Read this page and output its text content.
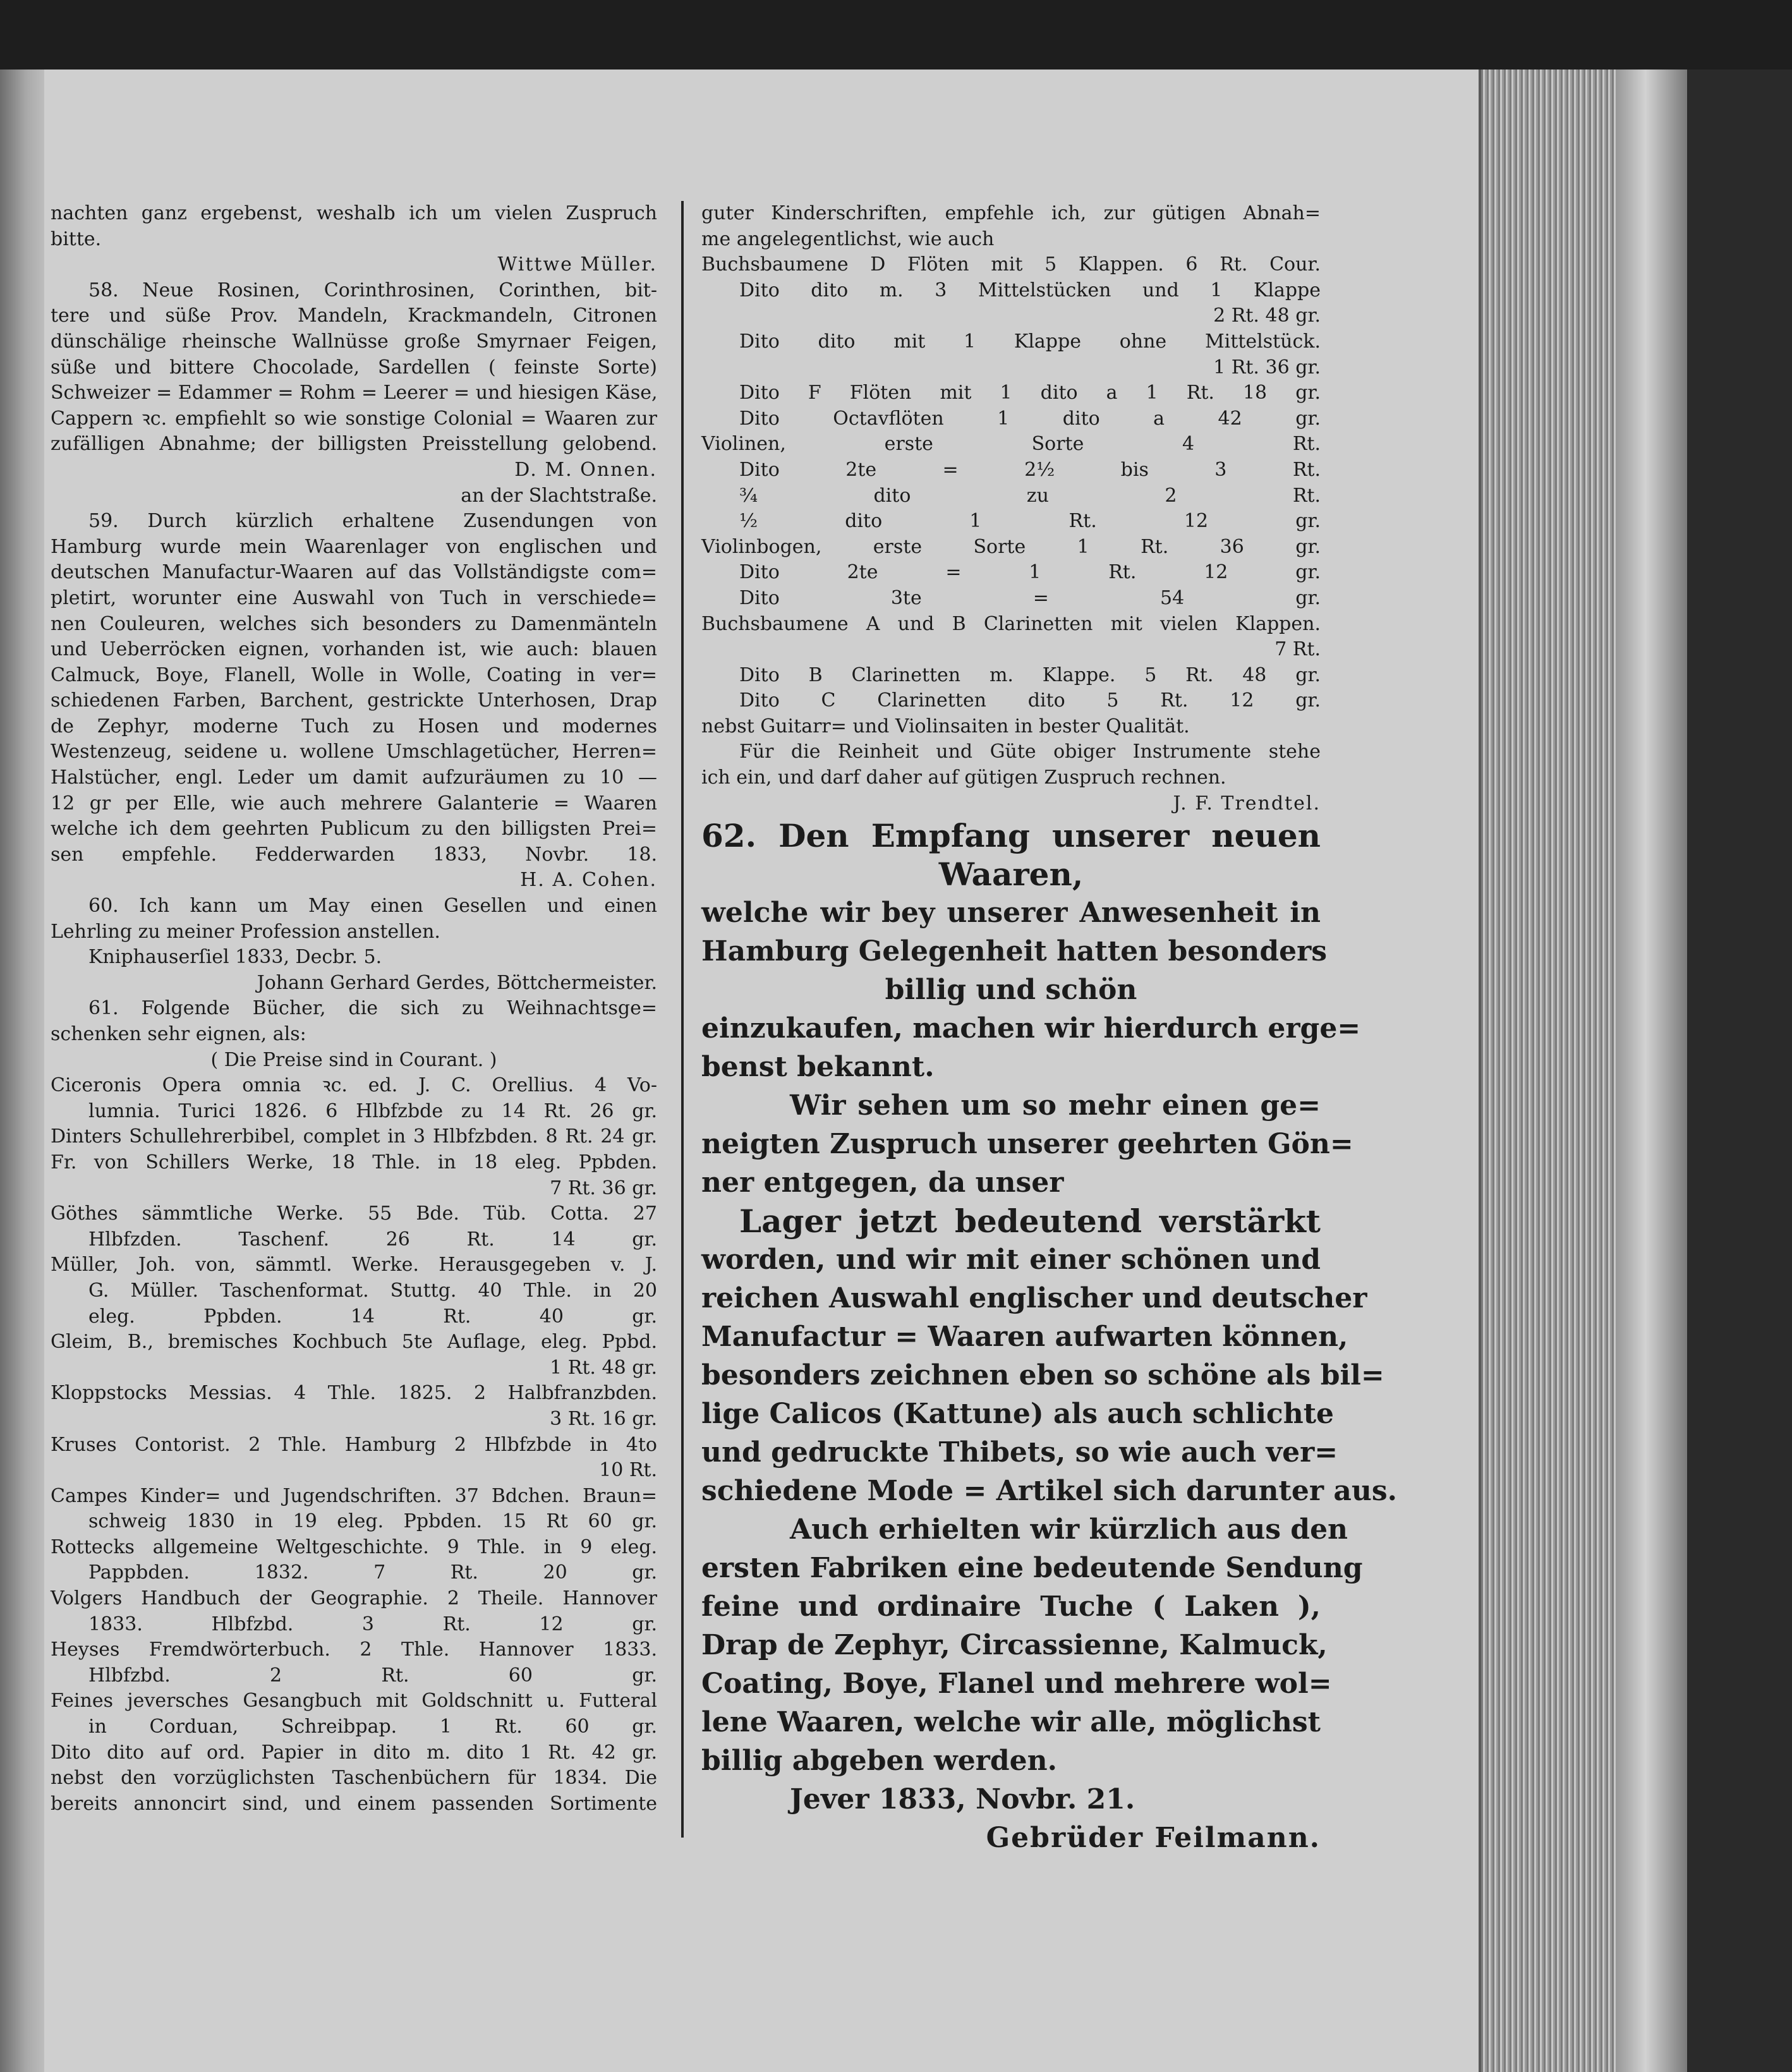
nachten ganz ergebenst, weshalb ich um vielen Zuspruch
bitte.
Wittwe Müller.
58. Neue Rosinen, Corinthrosinen, Corinthen, bit-
tere und süße Prov. Mandeln, Krackmandeln, Citronen
dünschälige rheinsche Wallnüsse große Smyrnaer Feigen,
süße und bittere Chocolade, Sardellen ( feinste Sorte)
Schweizer = Edammer = Rohm = Leerer = und hiesigen Käse,
Cappern ꝛc. empfiehlt so wie sonstige Colonial = Waaren zur
zufälligen Abnahme; der billigsten Preisstellung gelobend.
D. M. Onnen.
an der Slachtstraße.
59. Durch kürzlich erhaltene Zusendungen von
Hamburg wurde mein Waarenlager von englischen und
deutschen Manufactur-Waaren auf das Vollständigste com=
pletirt, worunter eine Auswahl von Tuch in verschiede=
nen Couleuren, welches sich besonders zu Damenmänteln
und Ueberröcken eignen, vorhanden ist, wie auch: blauen
Calmuck, Boye, Flanell, Wolle in Wolle, Coating in ver=
schiedenen Farben, Barchent, gestrickte Unterhosen, Drap
de Zephyr, moderne Tuch zu Hosen und modernes
Westenzeug, seidene u. wollene Umschlagetücher, Herren=
Halstücher, engl. Leder um damit aufzuräumen zu 10 —
12 gr per Elle, wie auch mehrere Galanterie = Waaren
welche ich dem geehrten Publicum zu den billigsten Prei=
sen empfehle. Fedderwarden 1833, Novbr. 18.
H. A. Cohen.
60. Ich kann um May einen Gesellen und einen
Lehrling zu meiner Profession anstellen.
Kniphauserſiel 1833, Decbr. 5.
Johann Gerhard Gerdes, Böttchermeister.
61. Folgende Bücher, die sich zu Weihnachtsge=
schenken sehr eignen, als:
( Die Preise sind in Courant. )
Ciceronis Opera omnia ꝛc. ed. J. C. Orellius. 4 Vo-
lumnia. Turici 1826. 6 Hlbfzbde zu 14 Rt. 26 gr.
Dinters Schullehrerbibel, complet in 3 Hlbfzbden. 8 Rt. 24 gr.
Fr. von Schillers Werke, 18 Thle. in 18 eleg. Ppbden.
7 Rt. 36 gr.
Göthes sämmtliche Werke. 55 Bde. Tüb. Cotta. 27
Hlbfzden. Taschenf. 26 Rt. 14 gr.
Müller, Joh. von, sämmtl. Werke. Herausgegeben v. J.
G. Müller. Taschenformat. Stuttg. 40 Thle. in 20
eleg. Ppbden. 14 Rt. 40 gr.
Gleim, B., bremisches Kochbuch 5te Auflage, eleg. Ppbd.
1 Rt. 48 gr.
Kloppstocks Messias. 4 Thle. 1825. 2 Halbfranzbden.
3 Rt. 16 gr.
Kruses Contorist. 2 Thle. Hamburg 2 Hlbfzbde in 4to
10 Rt.
Campes Kinder= und Jugendschriften. 37 Bdchen. Braun=
schweig 1830 in 19 eleg. Ppbden. 15 Rt 60 gr.
Rottecks allgemeine Weltgeschichte. 9 Thle. in 9 eleg.
Pappbden. 1832. 7 Rt. 20 gr.
Volgers Handbuch der Geographie. 2 Theile. Hannover
1833. Hlbfzbd. 3 Rt. 12 gr.
Heyses Fremdwörterbuch. 2 Thle. Hannover 1833.
Hlbfzbd. 2 Rt. 60 gr.
Feines jeversches Gesangbuch mit Goldschnitt u. Futteral
in Corduan, Schreibpap. 1 Rt. 60 gr.
Dito dito auf ord. Papier in dito m. dito 1 Rt. 42 gr.
nebst den vorzüglichsten Taschenbüchern für 1834. Die
bereits annoncirt sind, und einem passenden Sortimente
guter Kinderschriften, empfehle ich, zur gütigen Abnah=
me angelegentlichst, wie auch
Buchsbaumene D Flöten mit 5 Klappen. 6 Rt. Cour.
Dito dito m. 3 Mittelstücken und 1 Klappe
2 Rt. 48 gr.
Dito dito mit 1 Klappe ohne Mittelstück.
1 Rt. 36 gr.
Dito F Flöten mit 1 dito a 1 Rt. 18 gr.
Dito Octavflöten 1 dito a 42 gr.
Violinen, erste Sorte 4 Rt.
Dito 2te = 2½ bis 3 Rt.
¾ dito zu 2 Rt.
½ dito 1 Rt. 12 gr.
Violinbogen, erste Sorte 1 Rt. 36 gr.
Dito 2te = 1 Rt. 12 gr.
Dito 3te = 54 gr.
Buchsbaumene A und B Clarinetten mit vielen Klappen.
7 Rt.
Dito B Clarinetten m. Klappe. 5 Rt. 48 gr.
Dito C Clarinetten dito 5 Rt. 12 gr.
nebst Guitarr= und Violinsaiten in bester Qualität.
Für die Reinheit und Güte obiger Instrumente stehe
ich ein, und darf daher auf gütigen Zuspruch rechnen.
J. F. Trendtel.
62. Den Empfang unserer neuen
Waaren,
welche wir bey unserer Anwesenheit in
Hamburg Gelegenheit hatten besonders
billig und schön
einzukaufen, machen wir hierdurch erge=
benst bekannt.
Wir sehen um so mehr einen ge=
neigten Zuspruch unserer geehrten Gön=
ner entgegen, da unser
Lager jetzt bedeutend verstärkt
worden, und wir mit einer schönen und
reichen Auswahl englischer und deutscher
Manufactur = Waaren aufwarten können,
besonders zeichnen eben so schöne als bil=
lige Calicos (Kattune) als auch schlichte
und gedruckte Thibets, so wie auch ver=
schiedene Mode = Artikel sich darunter aus.
Auch erhielten wir kürzlich aus den
ersten Fabriken eine bedeutende Sendung
feine und ordinaire Tuche ( Laken ),
Drap de Zephyr, Circassienne, Kalmuck,
Coating, Boye, Flanel und mehrere wol=
lene Waaren, welche wir alle, möglichst
billig abgeben werden.
Jever 1833, Novbr. 21.
Gebrüder Feilmann.
